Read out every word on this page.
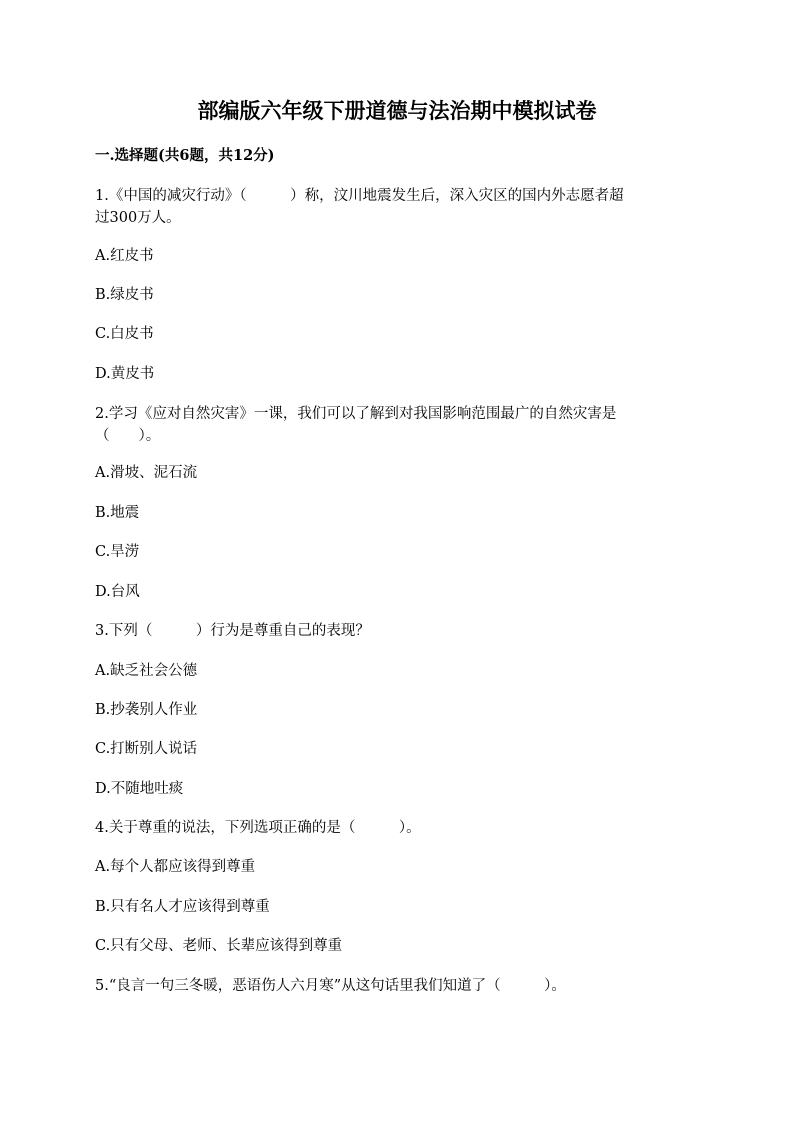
部编版六年级下册道德与法治期中模拟试卷
一.选择题(共6题，共12分)
1.《中国的减灾行动》（　　　）称，汶川地震发生后，深入灾区的国内外志愿者超
过300万人。
A.红皮书
B.绿皮书
C.白皮书
D.黄皮书
2.学习《应对自然灾害》一课，我们可以了解到对我国影响范围最广的自然灾害是
（　　）。
A.滑坡、泥石流
B.地震
C.旱涝
D.台风
3.下列（　　　）行为是尊重自己的表现？
A.缺乏社会公德
B.抄袭别人作业
C.打断别人说话
D.不随地吐痰
4.关于尊重的说法，下列选项正确的是（　　　）。
A.每个人都应该得到尊重
B.只有名人才应该得到尊重
C.只有父母、老师、长辈应该得到尊重
5.“良言一句三冬暖，恶语伤人六月寒”从这句话里我们知道了（　　　）。
